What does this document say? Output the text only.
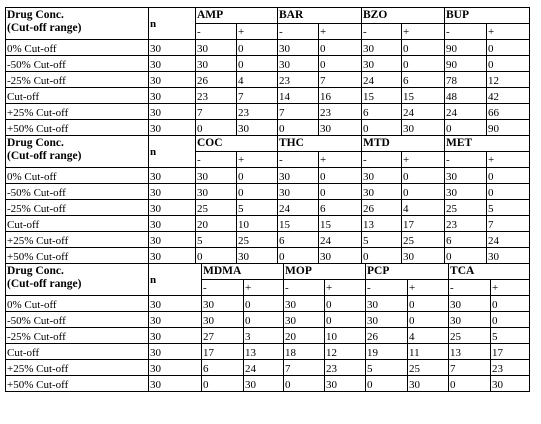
Drug Conc.
(Cut-off range)	n	AMP		BAR		BZO		BUP	
		-	+	-	+	-	+	-	+
0% Cut-off	30	30	0	30	0	30	0	90	0
-50% Cut-off	30	30	0	30	0	30	0	90	0
-25% Cut-off	30	26	4	23	7	24	6	78	12
Cut-off	30	23	7	14	16	15	15	48	42
+25% Cut-off	30	7	23	7	23	6	24	24	66
+50% Cut-off	30	0	30	0	30	0	30	0	90
Drug Conc.
(Cut-off range)	n	COC		THC		MTD		MET	
		-	+	-	+	-	+	-	+
0% Cut-off	30	30	0	30	0	30	0	30	0
-50% Cut-off	30	30	0	30	0	30	0	30	0
-25% Cut-off	30	25	5	24	6	26	4	25	5
Cut-off	30	20	10	15	15	13	17	23	7
+25% Cut-off	30	5	25	6	24	5	25	6	24
+50% Cut-off	30	0	30	0	30	0	30	0	30
Drug Conc.
(Cut-off range)	n	MDMA		MOP		PCP		TCA	
		-	+	-	+	-	+	-	+
0% Cut-off	30	30	0	30	0	30	0	30	0
-50% Cut-off	30	30	0	30	0	30	0	30	0
-25% Cut-off	30	27	3	20	10	26	4	25	5
Cut-off	30	17	13	18	12	19	11	13	17
+25% Cut-off	30	6	24	7	23	5	25	7	23
+50% Cut-off	30	0	30	0	30	0	30	0	30
